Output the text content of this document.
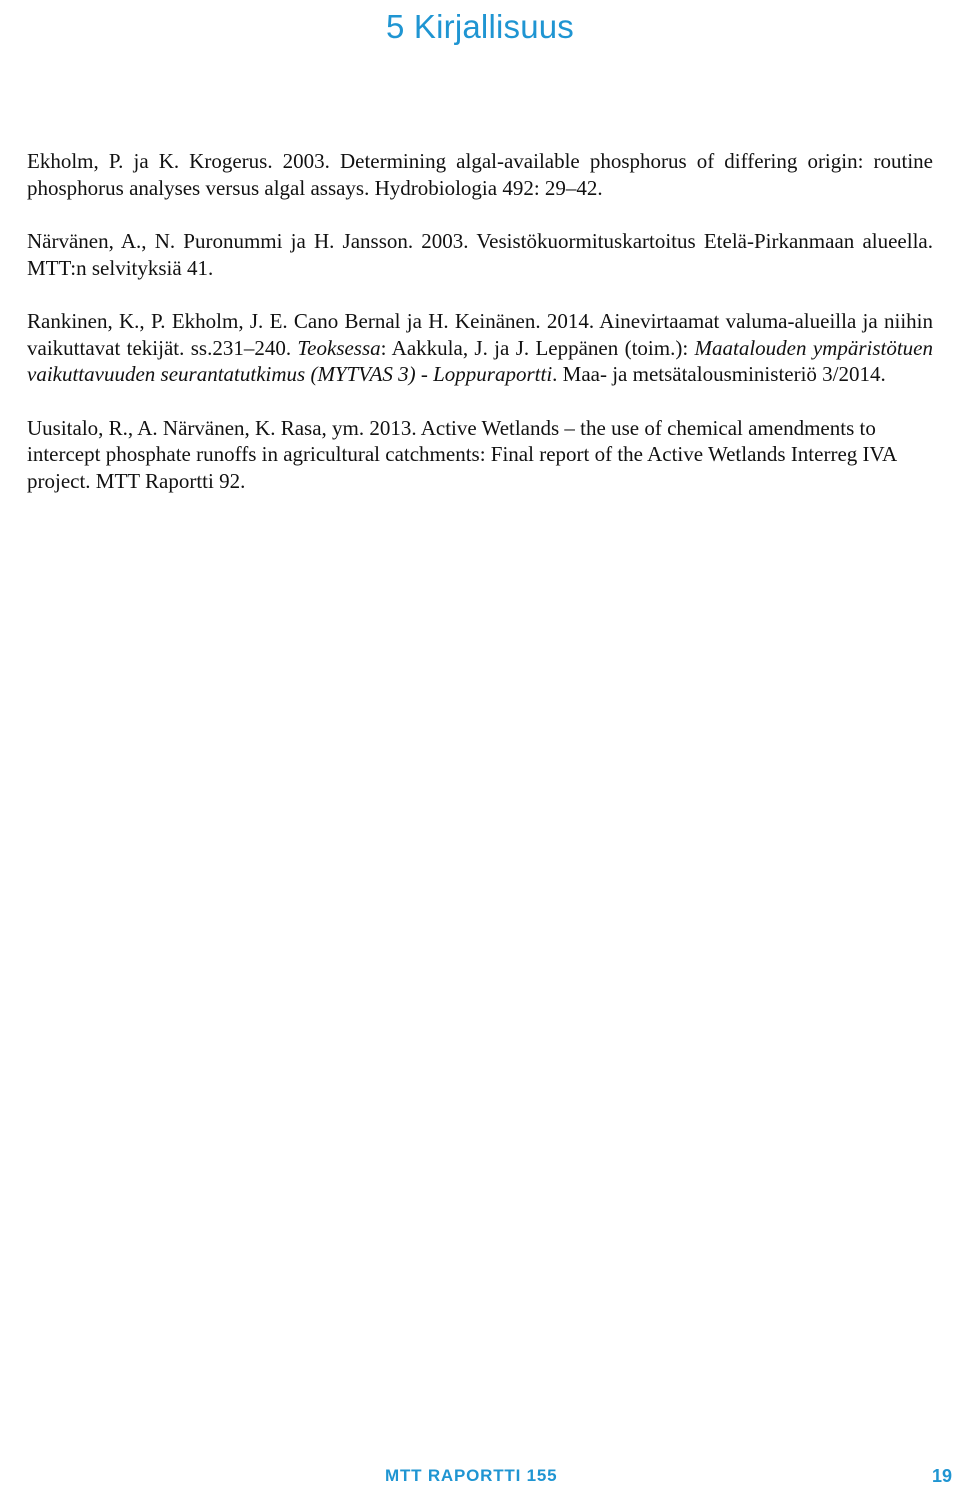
5 Kirjallisuus

Ekholm, P. ja K. Krogerus. 2003. Determining algal-available phosphorus of differing origin: routine phosphorus analyses versus algal assays. Hydrobiologia 492: 29–42.

Närvänen, A., N. Puronummi ja H. Jansson. 2003. Vesistökuormituskartoitus Etelä-Pirkanmaan alueella. MTT:n selvityksiä 41.

Rankinen, K., P. Ekholm, J. E. Cano Bernal ja H. Keinänen. 2014. Ainevirtaamat valuma-alueilla ja niihin vaikuttavat tekijät. ss.231–240. Teoksessa: Aakkula, J. ja J. Leppänen (toim.): Maatalouden ympäristötuen vaikuttavuuden seurantatutkimus (MYTVAS 3) - Loppuraportti. Maa- ja metsätalousministeriö 3/2014.

Uusitalo, R., A. Närvänen, K. Rasa, ym. 2013. Active Wetlands – the use of chemical amendments to intercept phosphate runoffs in agricultural catchments: Final report of the Active Wetlands Interreg IVA project. MTT Raportti 92.

MTT RAPORTTI 155	19
